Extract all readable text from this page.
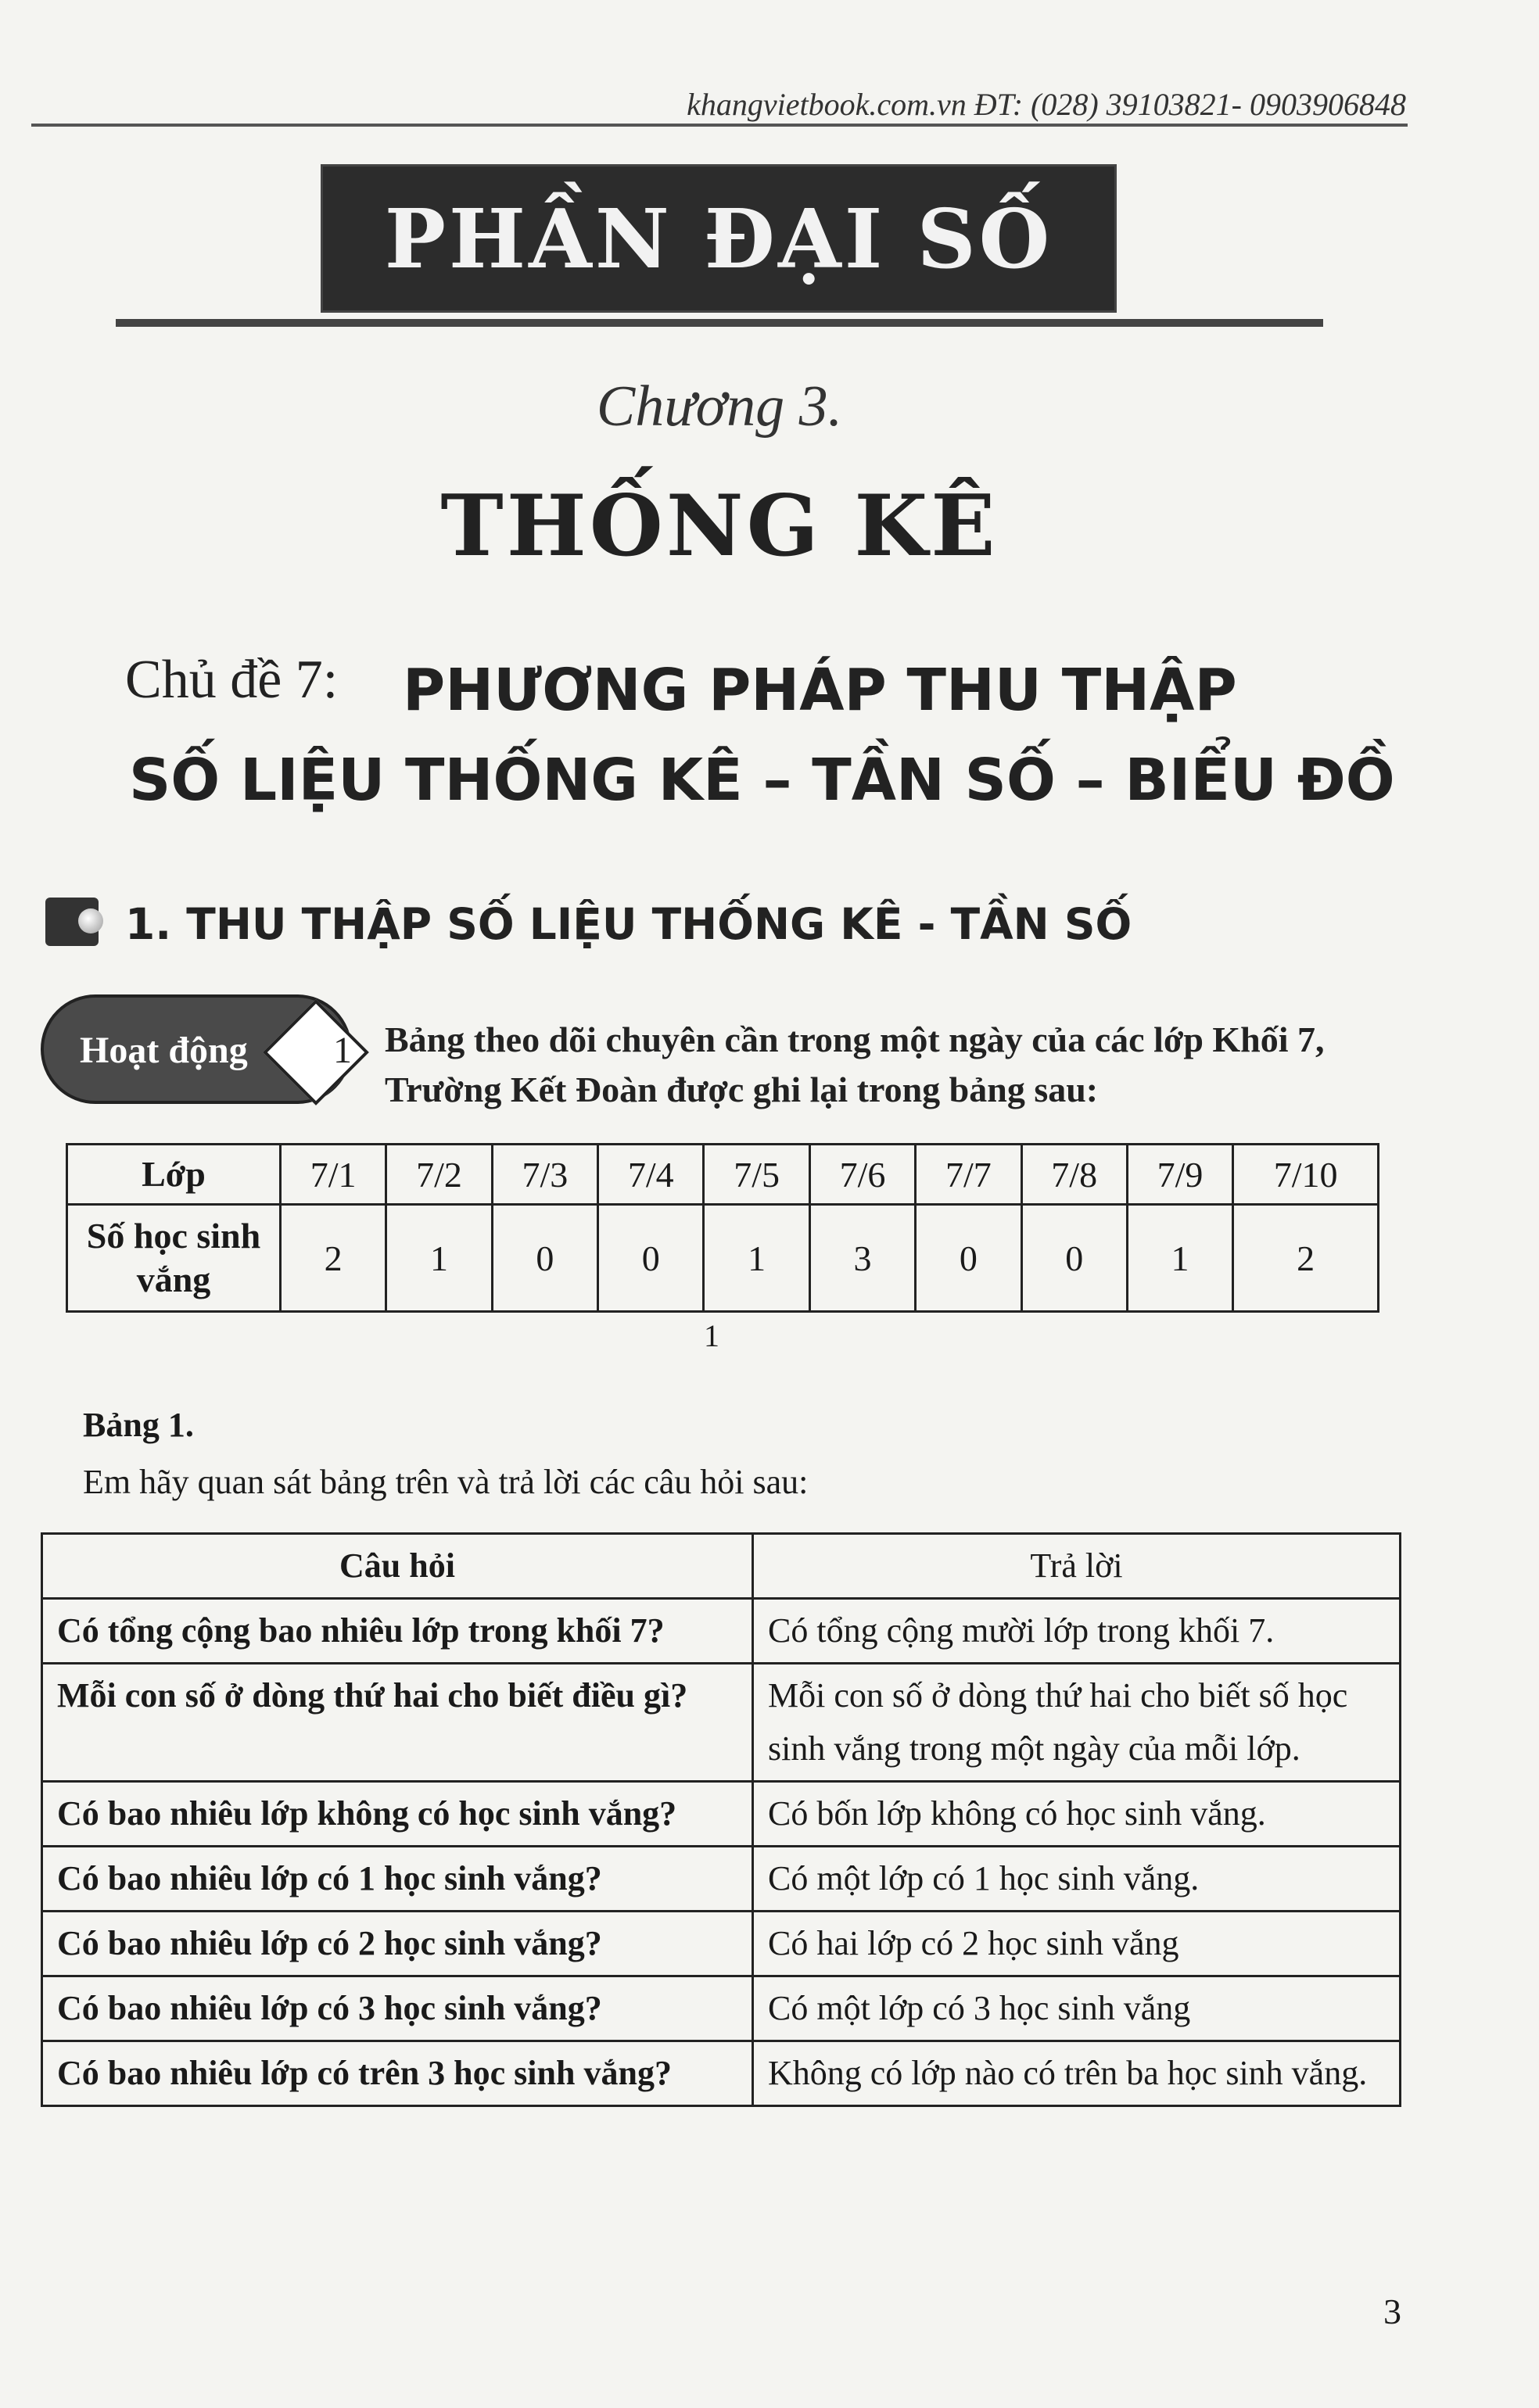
khangvietbook.com.vn ĐT: (028) 39103821- 0903906848
PHẦN ĐẠI SỐ
Chương 3.
THỐNG KÊ
Chủ đề 7: PHƯƠNG PHÁP THU THẬP
SỐ LIỆU THỐNG KÊ – TẦN SỐ – BIỂU ĐỒ
1. THU THẬP SỐ LIỆU THỐNG KÊ - TẦN SỐ
Hoạt động 1 Bảng theo dõi chuyên cần trong một ngày của các lớp Khối 7, Trường Kết Đoàn được ghi lại trong bảng sau:
Lớp	7/1	7/2	7/3	7/4	7/5	7/6	7/7	7/8	7/9	7/10
Số học sinh vắng	2	1	0	0	1	3	0	0	1	2
1
Bảng 1.
Em hãy quan sát bảng trên và trả lời các câu hỏi sau:
Câu hỏi	Trả lời
Có tổng cộng bao nhiêu lớp trong khối 7?	Có tổng cộng mười lớp trong khối 7.
Mỗi con số ở dòng thứ hai cho biết điều gì?	Mỗi con số ở dòng thứ hai cho biết số học sinh vắng trong một ngày của mỗi lớp.
Có bao nhiêu lớp không có học sinh vắng?	Có bốn lớp không có học sinh vắng.
Có bao nhiêu lớp có 1 học sinh vắng?	Có một lớp có 1 học sinh vắng.
Có bao nhiêu lớp có 2 học sinh vắng?	Có hai lớp có 2 học sinh vắng
Có bao nhiêu lớp có 3 học sinh vắng?	Có một lớp có 3 học sinh vắng
Có bao nhiêu lớp có trên 3 học sinh vắng?	Không có lớp nào có trên ba học sinh vắng.
3
